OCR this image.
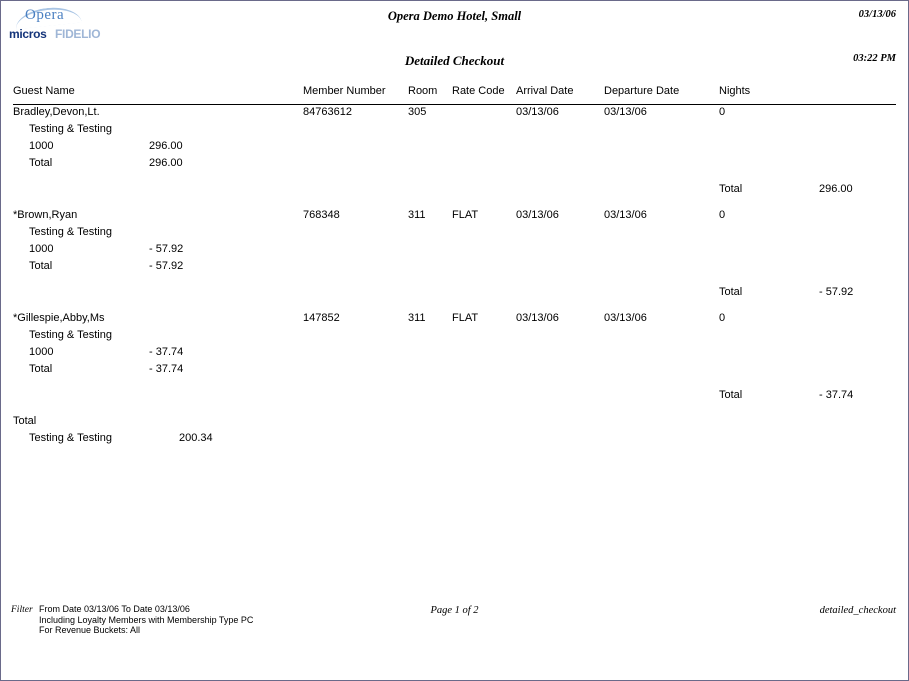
Opera
micros FIDELIO
Opera Demo Hotel, Small	03/13/06
Detailed Checkout	03:22 PM
Guest Name	Member Number	Room	Rate Code	Arrival Date	Departure Date	Nights	

Bradley,Devon,Lt.	84763612	305		03/13/06	03/13/06	0	
Testing & Testing							
1000 296.00							
Total 296.00							

						Total	296.00

*Brown,Ryan	768348	311	FLAT	03/13/06	03/13/06	0	
Testing & Testing							
1000 - 57.92							
Total - 57.92							

						Total	- 57.92

*Gillespie,Abby,Ms	147852	311	FLAT	03/13/06	03/13/06	0	
Testing & Testing							
1000 - 37.74							
Total - 37.74							

						Total	- 37.74

Total							
Testing & Testing 200.34							
Filter From Date 03/13/06 To Date 03/13/06
Including Loyalty Members with Membership Type PC
For Revenue Buckets: All
Page 1 of 2	detailed_checkout
